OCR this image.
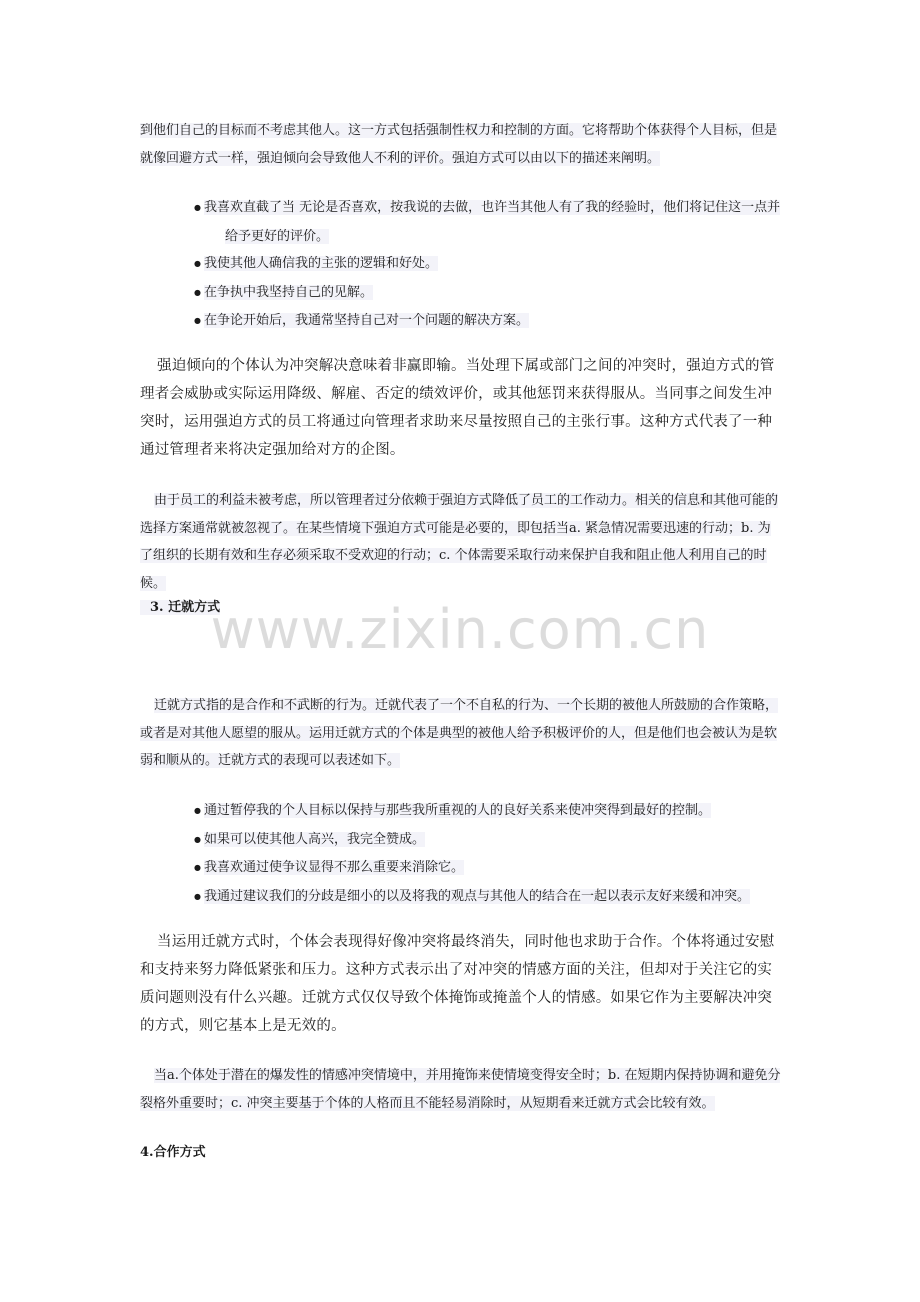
到他们自己的目标而不考虑其他人。这一方式包括强制性权力和控制的方面。它将帮助个体获得个人目标，但是就像回避方式一样，强迫倾向会导致他人不利的评价。强迫方式可以由以下的描述来阐明。

●我喜欢直截了当 无论是否喜欢，按我说的去做，也许当其他人有了我的经验时，他们将记住这一点并给予更好的评价。
●我使其他人确信我的主张的逻辑和好处。
●在争执中我坚持自己的见解。
●在争论开始后，我通常坚持自己对一个问题的解决方案。

强迫倾向的个体认为冲突解决意味着非赢即输。当处理下属或部门之间的冲突时，强迫方式的管理者会威胁或实际运用降级、解雇、否定的绩效评价，或其他惩罚来获得服从。当同事之间发生冲突时，运用强迫方式的员工将通过向管理者求助来尽量按照自己的主张行事。这种方式代表了一种通过管理者来将决定强加给对方的企图。

由于员工的利益未被考虑，所以管理者过分依赖于强迫方式降低了员工的工作动力。相关的信息和其他可能的选择方案通常就被忽视了。在某些情境下强迫方式可能是必要的，即包括当a. 紧急情况需要迅速的行动；b. 为了组织的长期有效和生存必须采取不受欢迎的行动；c. 个体需要采取行动来保护自我和阻止他人利用自己的时候。

3. 迁就方式
www.zixin.com.cn

迁就方式指的是合作和不武断的行为。迁就代表了一个不自私的行为、一个长期的被他人所鼓励的合作策略，或者是对其他人愿望的服从。运用迁就方式的个体是典型的被他人给予积极评价的人，但是他们也会被认为是软弱和顺从的。迁就方式的表现可以表述如下。

●通过暂停我的个人目标以保持与那些我所重视的人的良好关系来使冲突得到最好的控制。
●如果可以使其他人高兴，我完全赞成。
●我喜欢通过使争议显得不那么重要来消除它。
●我通过建议我们的分歧是细小的以及将我的观点与其他人的结合在一起以表示友好来缓和冲突。

当运用迁就方式时，个体会表现得好像冲突将最终消失，同时他也求助于合作。个体将通过安慰和支持来努力降低紧张和压力。这种方式表示出了对冲突的情感方面的关注，但却对于关注它的实质问题则没有什么兴趣。迁就方式仅仅导致个体掩饰或掩盖个人的情感。如果它作为主要解决冲突的方式，则它基本上是无效的。

当a.个体处于潜在的爆发性的情感冲突情境中，并用掩饰来使情境变得安全时；b. 在短期内保持协调和避免分裂格外重要时；c. 冲突主要基于个体的人格而且不能轻易消除时，从短期看来迁就方式会比较有效。

4.合作方式
